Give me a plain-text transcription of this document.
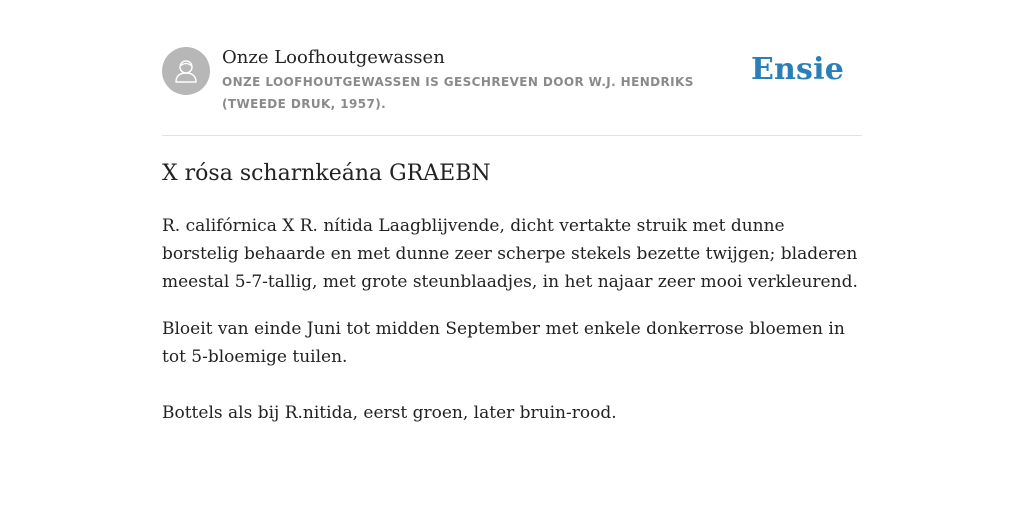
Onze Loofhoutgewassen
ONZE LOOFHOUTGEWASSEN IS GESCHREVEN DOOR W.J. HENDRIKS (TWEEDE DRUK, 1957).
Ensie
X rósa scharnkeána GRAEBN

R. califórnica X R. nítida Laagblijvende, dicht vertakte struik met dunne borstelig behaarde en met dunne zeer scherpe stekels bezette twijgen; bladeren meestal 5-7-tallig, met grote steunblaadjes, in het najaar zeer mooi verkleurend.

Bloeit van einde Juni tot midden September met enkele donkerrose bloemen in tot 5-bloemige tuilen.

Bottels als bij R.nitida, eerst groen, later bruin-rood.
